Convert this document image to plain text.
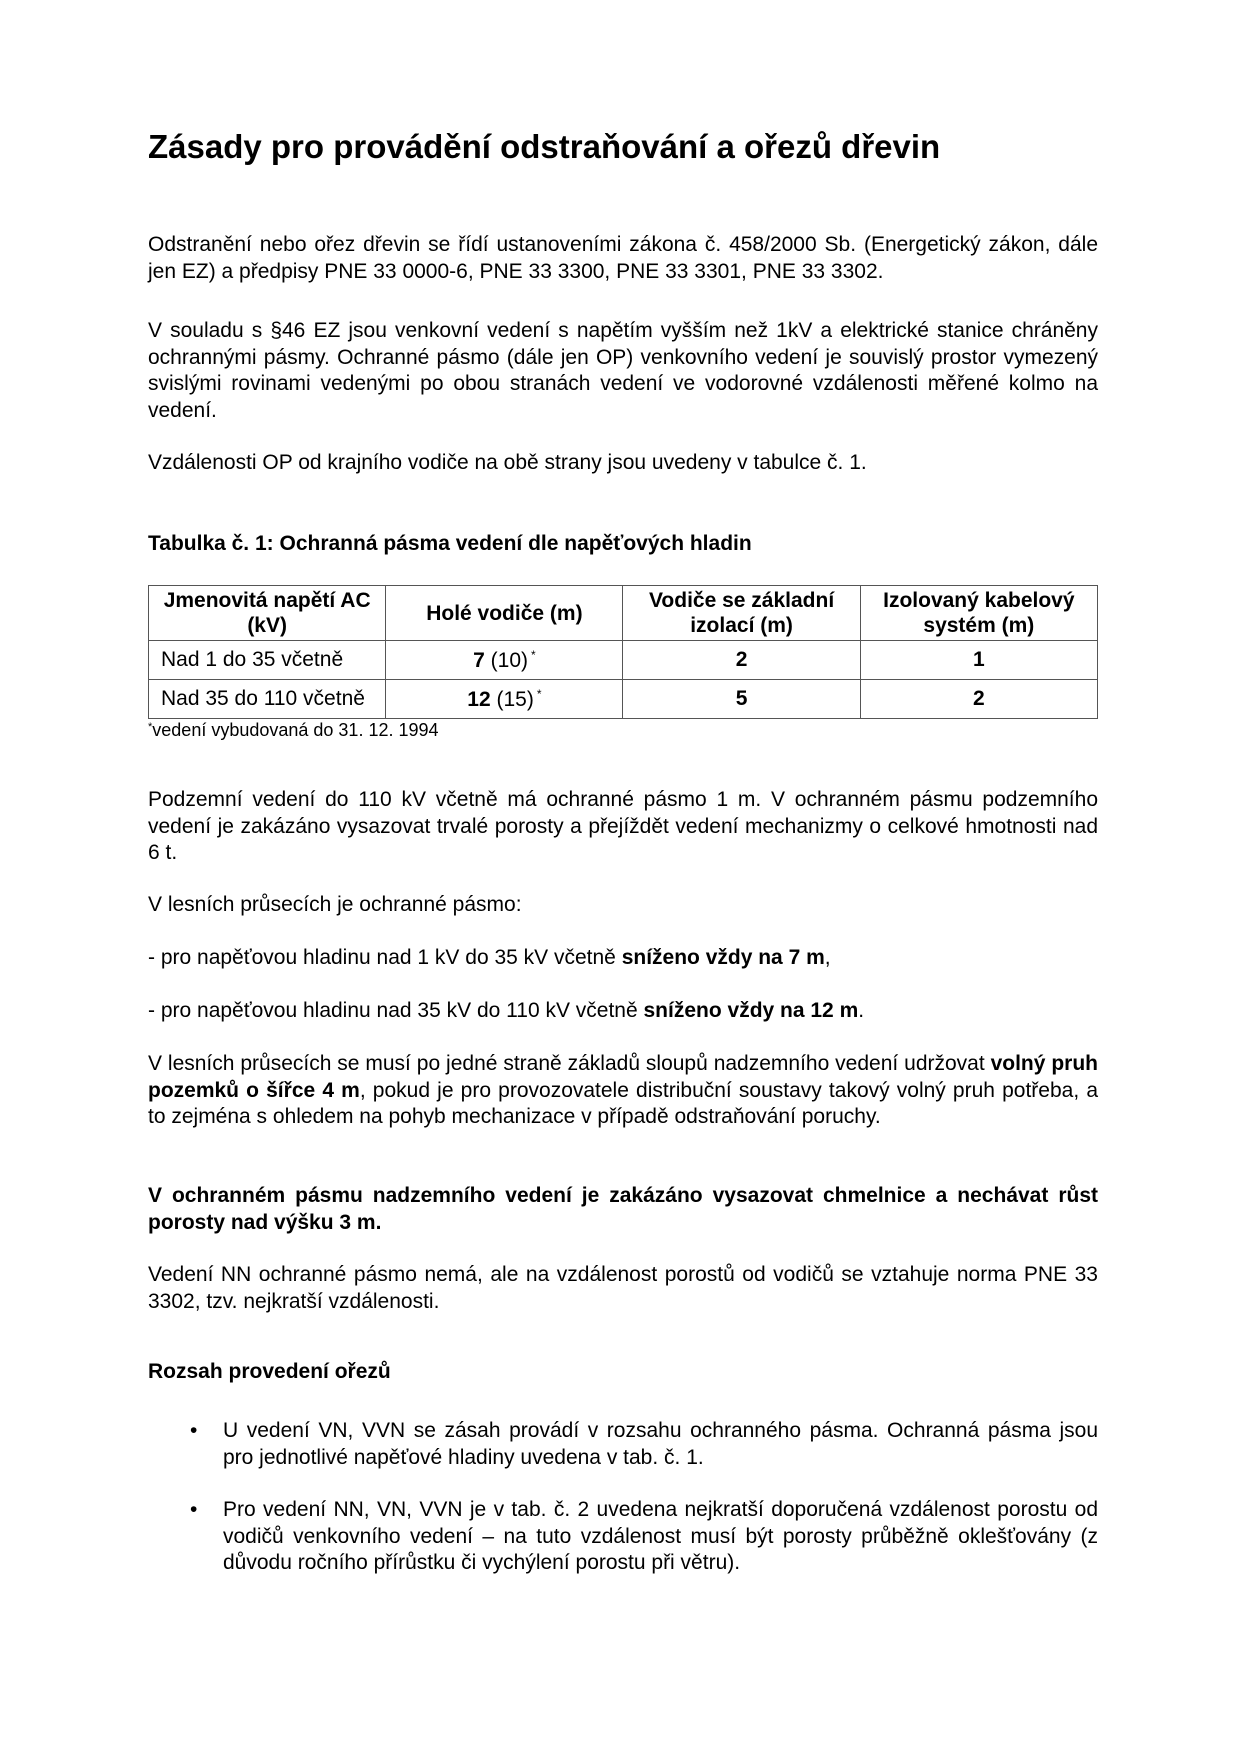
Zásady pro provádění odstraňování a ořezů dřevin

Odstranění nebo ořez dřevin se řídí ustanoveními zákona č. 458/2000 Sb. (Energetický zákon, dále jen EZ) a předpisy PNE 33 0000-6, PNE 33 3300, PNE 33 3301, PNE 33 3302.

V souladu s §46 EZ jsou venkovní vedení s napětím vyšším než 1kV a elektrické stanice chráněny ochrannými pásmy. Ochranné pásmo (dále jen OP) venkovního vedení je souvislý prostor vymezený svislými rovinami vedenými po obou stranách vedení ve vodorovné vzdálenosti měřené kolmo na vedení.

Vzdálenosti OP od krajního vodiče na obě strany jsou uvedeny v tabulce č. 1.

Tabulka č. 1: Ochranná pásma vedení dle napěťových hladin

Jmenovitá napětí AC (kV)	Holé vodiče (m)	Vodiče se základní izolací (m)	Izolovaný kabelový systém (m)
Nad 1 do 35 včetně	7 (10) *	2	1
Nad 35 do 110 včetně	12 (15) *	5	2
*vedení vybudovaná do 31. 12. 1994

Podzemní vedení do 110 kV včetně má ochranné pásmo 1 m. V ochranném pásmu podzemního vedení je zakázáno vysazovat trvalé porosty a přejíždět vedení mechanizmy o celkové hmotnosti nad 6 t.

V lesních průsecích je ochranné pásmo:

- pro napěťovou hladinu nad 1 kV do 35 kV včetně sníženo vždy na 7 m,

- pro napěťovou hladinu nad 35 kV do 110 kV včetně sníženo vždy na 12 m.

V lesních průsecích se musí po jedné straně základů sloupů nadzemního vedení udržovat volný pruh pozemků o šířce 4 m, pokud je pro provozovatele distribuční soustavy takový volný pruh potřeba, a to zejména s ohledem na pohyb mechanizace v případě odstraňování poruchy.

V ochranném pásmu nadzemního vedení je zakázáno vysazovat chmelnice a nechávat růst porosty nad výšku 3 m.

Vedení NN ochranné pásmo nemá, ale na vzdálenost porostů od vodičů se vztahuje norma PNE 33 3302, tzv. nejkratší vzdálenosti.

Rozsah provedení ořezů

• U vedení VN, VVN se zásah provádí v rozsahu ochranného pásma. Ochranná pásma jsou pro jednotlivé napěťové hladiny uvedena v tab. č. 1.
• Pro vedení NN, VN, VVN je v tab. č. 2 uvedena nejkratší doporučená vzdálenost porostu od vodičů venkovního vedení – na tuto vzdálenost musí být porosty průběžně oklešťovány (z důvodu ročního přírůstku či vychýlení porostu při větru).
